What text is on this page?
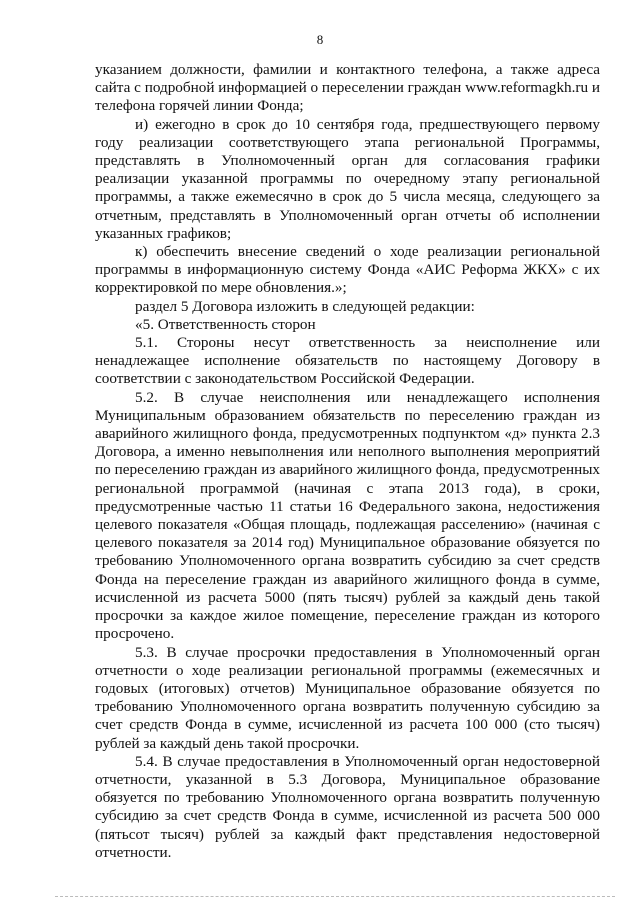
8

указанием должности, фамилии и контактного телефона, а также адреса сайта с подробной информацией о переселении граждан www.reformagkh.ru и телефона горячей линии Фонда;

и) ежегодно в срок до 10 сентября года, предшествующего первому году реализации соответствующего этапа региональной Программы, представлять в Уполномоченный орган для согласования графики реализации указанной программы по очередному этапу региональной программы, а также ежемесячно в срок до 5 числа месяца, следующего за отчетным, представлять в Уполномоченный орган отчеты об исполнении указанных графиков;

к) обеспечить внесение сведений о ходе реализации региональной программы в информационную систему Фонда «АИС Реформа ЖКХ» с их корректировкой по мере обновления.»;

раздел 5 Договора изложить в следующей редакции:

«5. Ответственность сторон

5.1. Стороны несут ответственность за неисполнение или ненадлежащее исполнение обязательств по настоящему Договору в соответствии с законодательством Российской Федерации.

5.2. В случае неисполнения или ненадлежащего исполнения Муниципальным образованием обязательств по переселению граждан из аварийного жилищного фонда, предусмотренных подпунктом «д» пункта 2.3 Договора, а именно невыполнения или неполного выполнения мероприятий по переселению граждан из аварийного жилищного фонда, предусмотренных региональной программой (начиная с этапа 2013 года), в сроки, предусмотренные частью 11 статьи 16 Федерального закона, недостижения целевого показателя «Общая площадь, подлежащая расселению» (начиная с целевого показателя за 2014 год) Муниципальное образование обязуется по требованию Уполномоченного органа возвратить субсидию за счет средств Фонда на переселение граждан из аварийного жилищного фонда в сумме, исчисленной из расчета 5000 (пять тысяч) рублей за каждый день такой просрочки за каждое жилое помещение, переселение граждан из которого просрочено.

5.3. В случае просрочки предоставления в Уполномоченный орган отчетности о ходе реализации региональной программы (ежемесячных и годовых (итоговых) отчетов) Муниципальное образование обязуется по требованию Уполномоченного органа возвратить полученную субсидию за счет средств Фонда в сумме, исчисленной из расчета 100 000 (сто тысяч) рублей за каждый день такой просрочки.

5.4. В случае предоставления в Уполномоченный орган недостоверной отчетности, указанной в 5.3 Договора, Муниципальное образование обязуется по требованию Уполномоченного органа возвратить полученную субсидию за счет средств Фонда в сумме, исчисленной из расчета 500 000 (пятьсот тысяч) рублей за каждый факт представления недостоверной отчетности.
